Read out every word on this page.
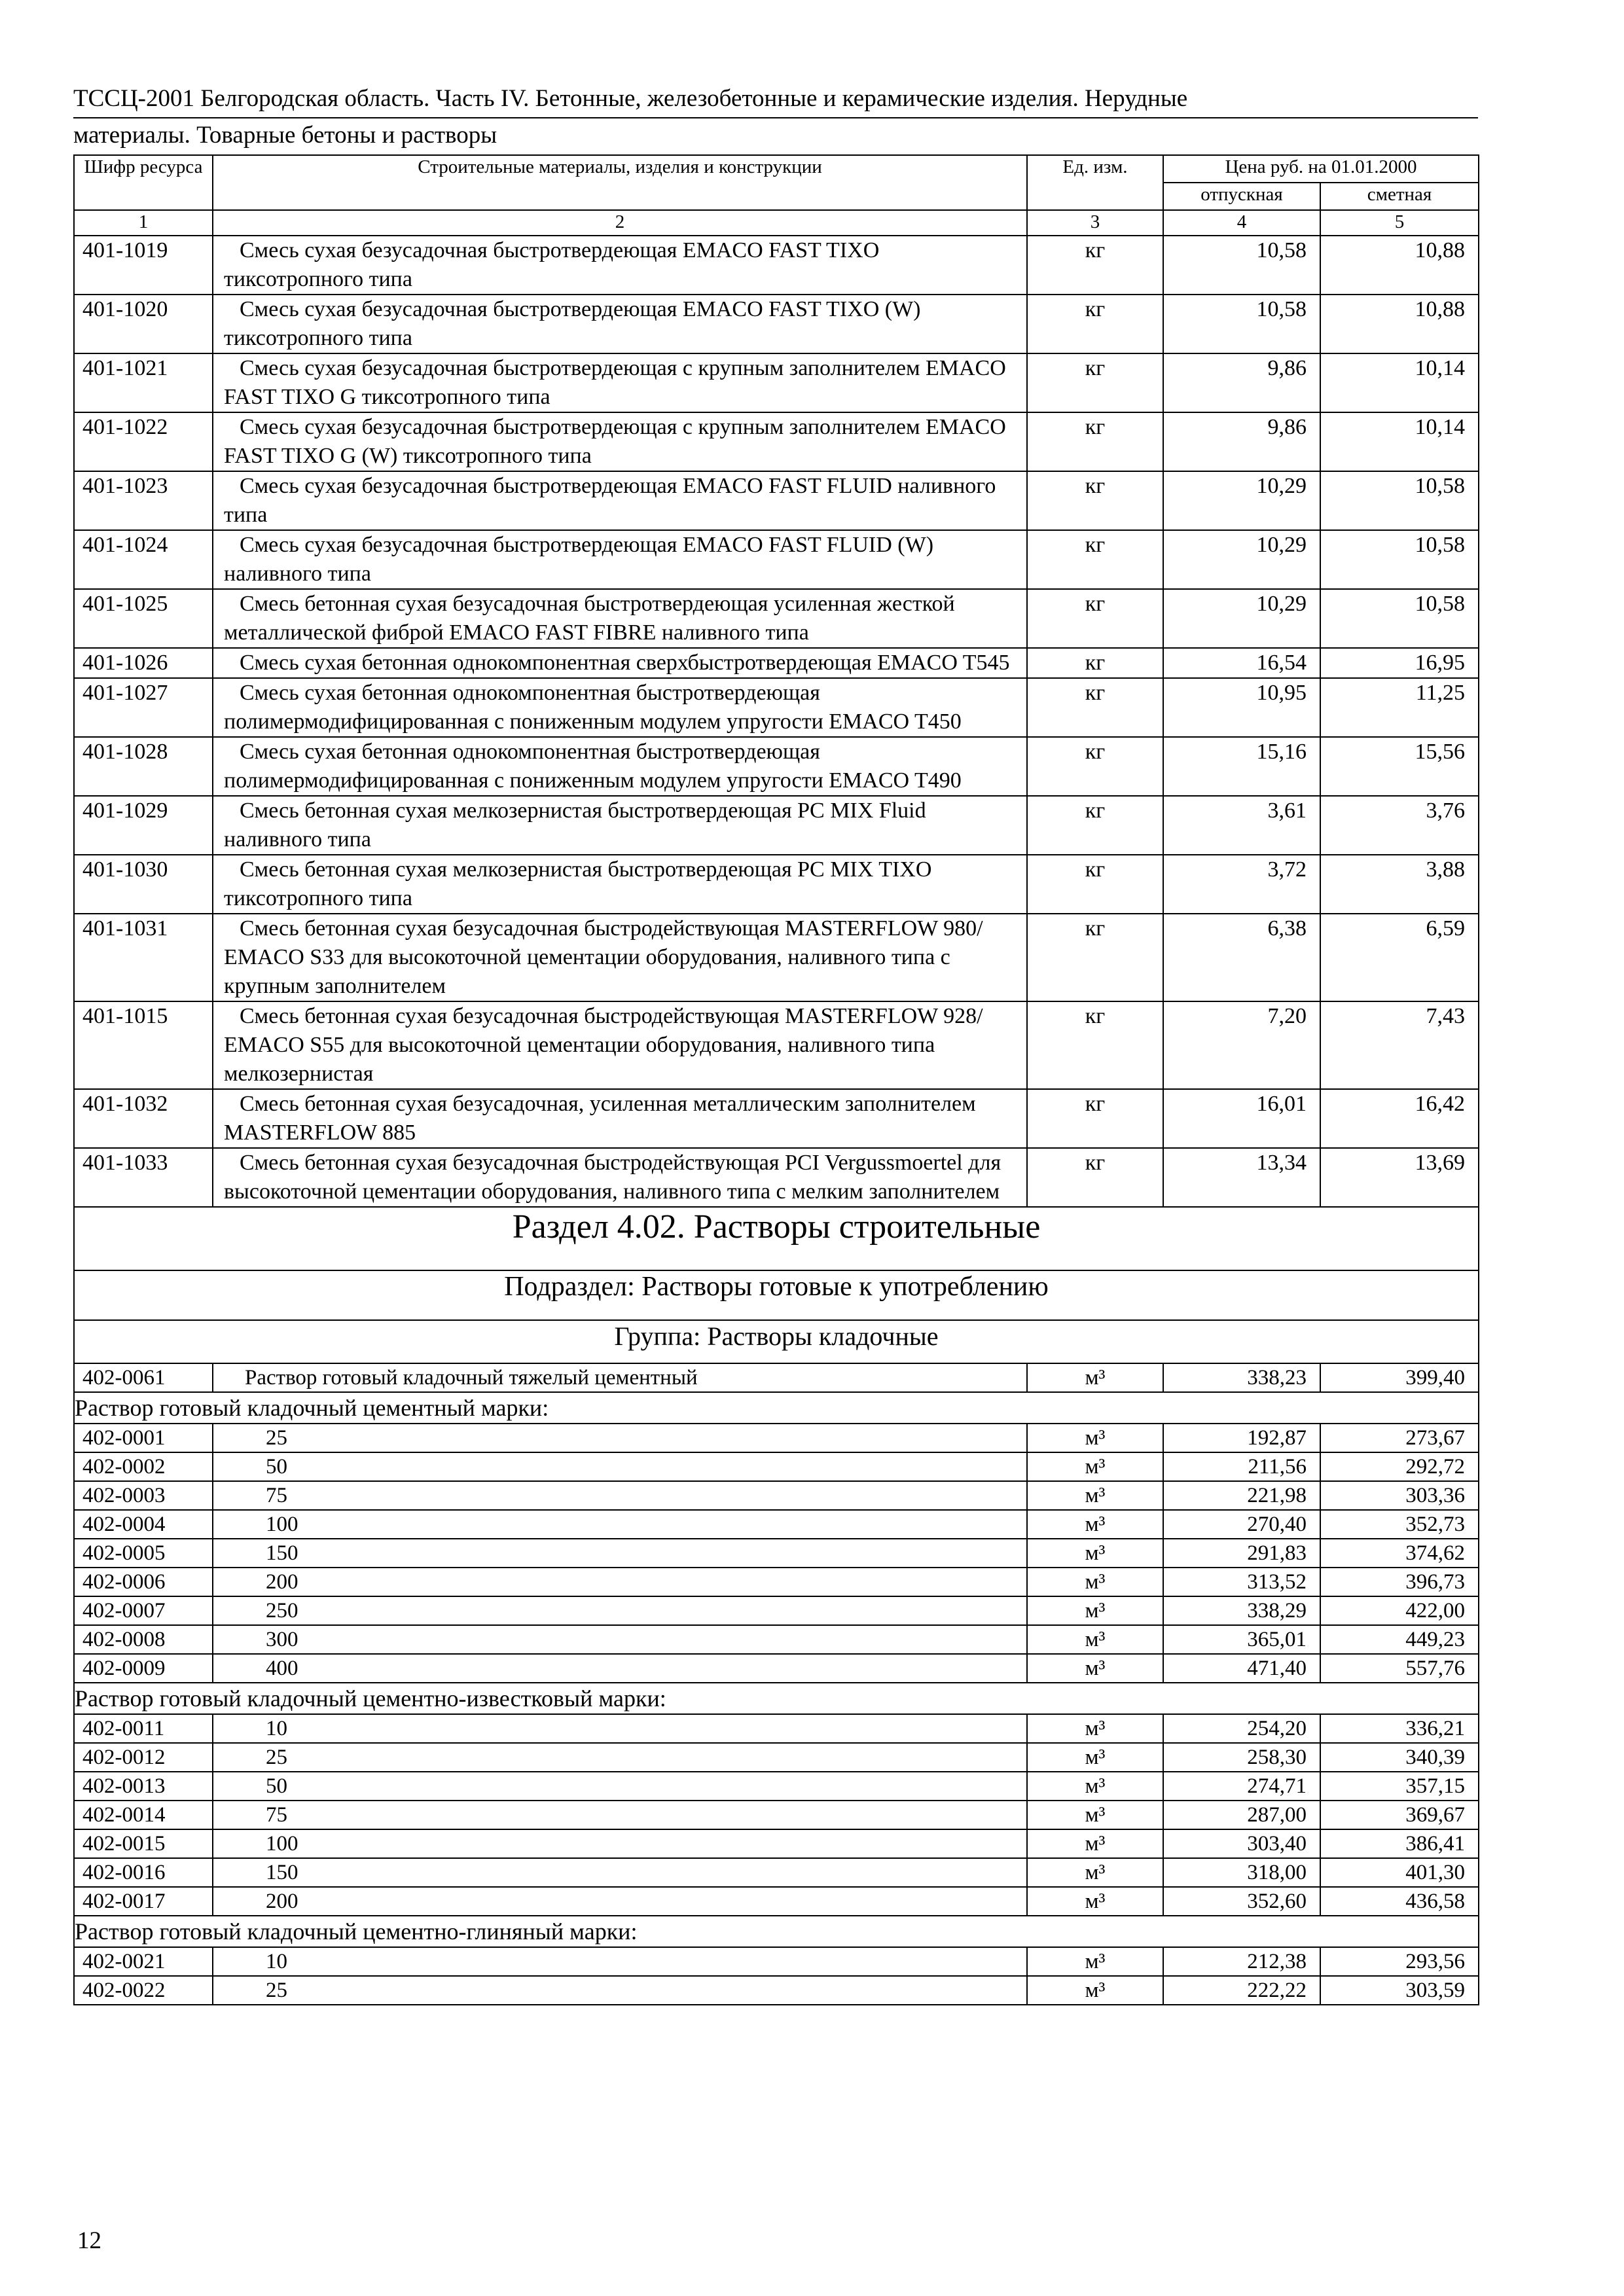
ТССЦ-2001 Белгородская область. Часть IV. Бетонные, железобетонные и керамические изделия. Нерудные
материалы. Товарные бетоны и растворы
Шифр ресурса	Строительные материалы, изделия и конструкции	Ед. изм.	Цена руб. на 01.01.2000	
			отпускная	сметная
1	2	3	4	5
401-1019	Смесь сухая безусадочная быстротвердеющая EMACO FAST TIXO тиксотропного типа	кг	10,58	10,88
401-1020	Смесь сухая безусадочная быстротвердеющая EMACO FAST TIXO (W) тиксотропного типа	кг	10,58	10,88
401-1021	Смесь сухая безусадочная быстротвердеющая с крупным заполнителем EMACO FAST TIXO G тиксотропного типа	кг	9,86	10,14
401-1022	Смесь сухая безусадочная быстротвердеющая с крупным заполнителем EMACO FAST TIXO G (W) тиксотропного типа	кг	9,86	10,14
401-1023	Смесь сухая безусадочная быстротвердеющая EMACO FAST FLUID наливного типа	кг	10,29	10,58
401-1024	Смесь сухая безусадочная быстротвердеющая EMACO FAST FLUID (W) наливного типа	кг	10,29	10,58
401-1025	Смесь бетонная сухая безусадочная быстротвердеющая усиленная жесткой металлической фиброй EMACO FAST FIBRE наливного типа	кг	10,29	10,58
401-1026	Смесь сухая бетонная однокомпонентная сверхбыстротвердеющая EMACO T545	кг	16,54	16,95
401-1027	Смесь сухая бетонная однокомпонентная быстротвердеющая полимермодифицированная с пониженным модулем упругости EMACO T450	кг	10,95	11,25
401-1028	Смесь сухая бетонная однокомпонентная быстротвердеющая полимермодифицированная с пониженным модулем упругости EMACO T490	кг	15,16	15,56
401-1029	Смесь бетонная сухая мелкозернистая быстротвердеющая PC MIX Fluid наливного типа	кг	3,61	3,76
401-1030	Смесь бетонная сухая мелкозернистая быстротвердеющая PC MIX TIXO тиксотропного типа	кг	3,72	3,88
401-1031	Смесь бетонная сухая безусадочная быстродействующая MASTERFLOW 980/ EMACO S33 для высокоточной цементации оборудования, наливного типа с крупным заполнителем	кг	6,38	6,59
401-1015	Смесь бетонная сухая безусадочная быстродействующая MASTERFLOW 928/ EMACO S55 для высокоточной цементации оборудования, наливного типа мелкозернистая	кг	7,20	7,43
401-1032	Смесь бетонная сухая безусадочная, усиленная металлическим заполнителем MASTERFLOW 885	кг	16,01	16,42
401-1033	Смесь бетонная сухая безусадочная быстродействующая PCI Vergussmoertel для высокоточной цементации оборудования, наливного типа с мелким заполнителем	кг	13,34	13,69
Раздел 4.02. Растворы строительные				
Подраздел: Растворы готовые к употреблению				
Группа: Растворы кладочные				
402-0061	Раствор готовый кладочный тяжелый цементный	м³	338,23	399,40
Раствор готовый кладочный цементный марки:				
402-0001	25	м³	192,87	273,67
402-0002	50	м³	211,56	292,72
402-0003	75	м³	221,98	303,36
402-0004	100	м³	270,40	352,73
402-0005	150	м³	291,83	374,62
402-0006	200	м³	313,52	396,73
402-0007	250	м³	338,29	422,00
402-0008	300	м³	365,01	449,23
402-0009	400	м³	471,40	557,76
Раствор готовый кладочный цементно-известковый марки:				
402-0011	10	м³	254,20	336,21
402-0012	25	м³	258,30	340,39
402-0013	50	м³	274,71	357,15
402-0014	75	м³	287,00	369,67
402-0015	100	м³	303,40	386,41
402-0016	150	м³	318,00	401,30
402-0017	200	м³	352,60	436,58
Раствор готовый кладочный цементно-глиняный марки:				
402-0021	10	м³	212,38	293,56
402-0022	25	м³	222,22	303,59
12
